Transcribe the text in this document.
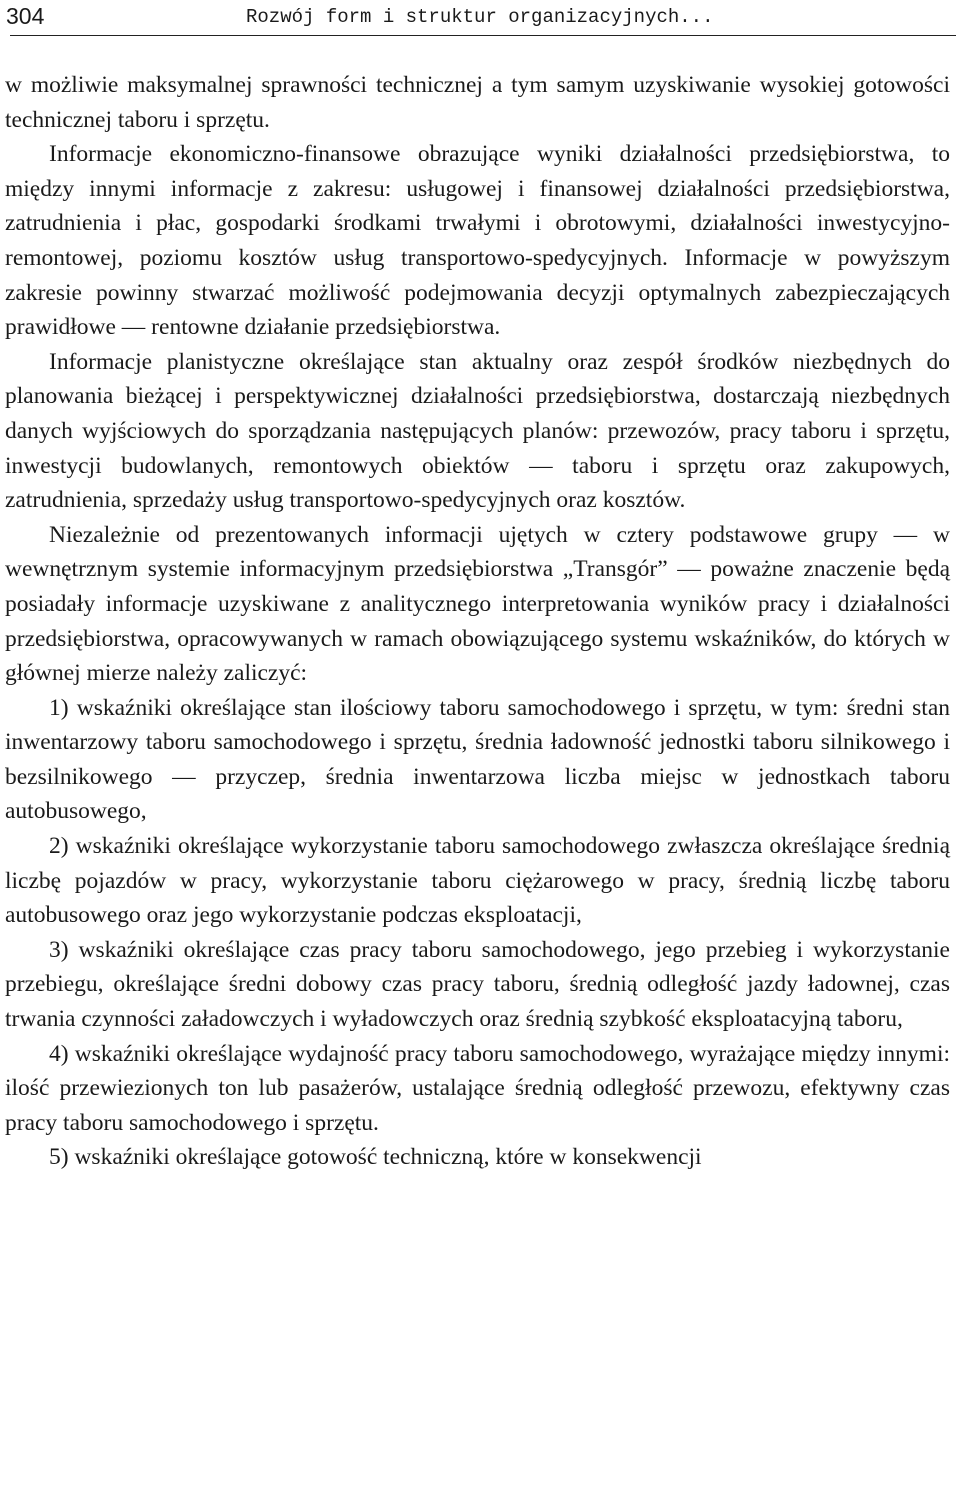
304	Rozwój form i struktur organizacyjnych...

w możliwie maksymalnej sprawności technicznej a tym samym uzyskiwanie wysokiej gotowości technicznej taboru i sprzętu.

Informacje ekonomiczno-finansowe obrazujące wyniki działalności przedsiębiorstwa, to między innymi informacje z zakresu: usługowej i finansowej działalności przedsiębiorstwa, zatrudnienia i płac, gospodarki środkami trwałymi i obrotowymi, działalności inwestycyjno-remontowej, poziomu kosztów usług transportowo-spedycyjnych. Informacje w powyższym zakresie powinny stwarzać możliwość podejmowania decyzji optymalnych zabezpieczających prawidłowe — rentowne działanie przedsiębiorstwa.

Informacje planistyczne określające stan aktualny oraz zespół środków niezbędnych do planowania bieżącej i perspektywicznej działalności przedsiębiorstwa, dostarczają niezbędnych danych wyjściowych do sporządzania następujących planów: przewozów, pracy taboru i sprzętu, inwestycji budowlanych, remontowych obiektów — taboru i sprzętu oraz zakupowych, zatrudnienia, sprzedaży usług transportowo-spedycyjnych oraz kosztów.

Niezależnie od prezentowanych informacji ujętych w cztery podstawowe grupy — w wewnętrznym systemie informacyjnym przedsiębiorstwa „Transgór” — poważne znaczenie będą posiadały informacje uzyskiwane z analitycznego interpretowania wyników pracy i działalności przedsiębiorstwa, opracowywanych w ramach obowiązującego systemu wskaźników, do których w głównej mierze należy zaliczyć:

1) wskaźniki określające stan ilościowy taboru samochodowego i sprzętu, w tym: średni stan inwentarzowy taboru samochodowego i sprzętu, średnia ładowność jednostki taboru silnikowego i bezsilnikowego — przyczep, średnia inwentarzowa liczba miejsc w jednostkach taboru autobusowego,

2) wskaźniki określające wykorzystanie taboru samochodowego zwłaszcza określające średnią liczbę pojazdów w pracy, wykorzystanie taboru ciężarowego w pracy, średnią liczbę taboru autobusowego oraz jego wykorzystanie podczas eksploatacji,

3) wskaźniki określające czas pracy taboru samochodowego, jego przebieg i wykorzystanie przebiegu, określające średni dobowy czas pracy taboru, średnią odległość jazdy ładownej, czas trwania czynności załadowczych i wyładowczych oraz średnią szybkość eksploatacyjną taboru,

4) wskaźniki określające wydajność pracy taboru samochodowego, wyrażające między innymi: ilość przewiezionych ton lub pasażerów, ustalające średnią odległość przewozu, efektywny czas pracy taboru samochodowego i sprzętu.

5) wskaźniki określające gotowość techniczną, które w konsekwencji
